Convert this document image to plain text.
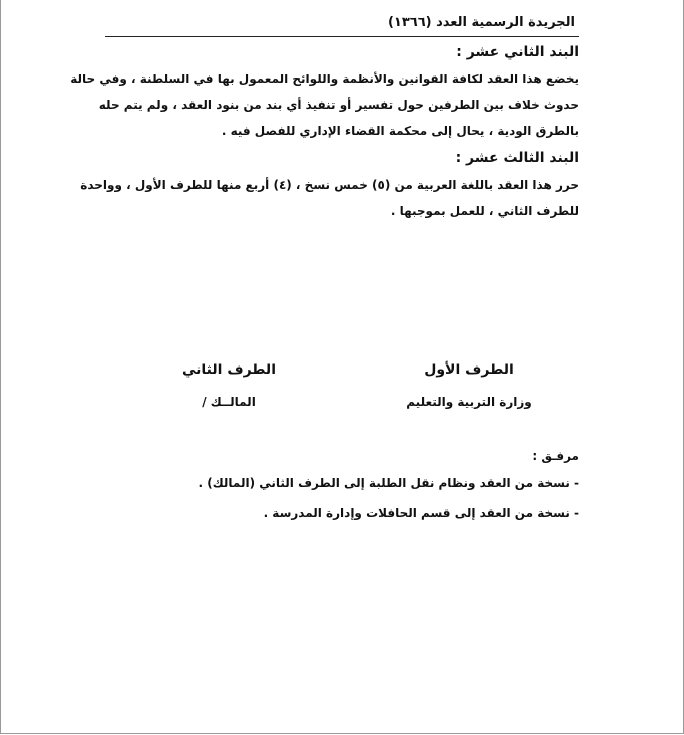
الجريدة الرسمية العدد (١٣٦٦)
البند الثاني عشر :

يخضع هذا العقد لكافة القوانين والأنظمة واللوائح المعمول بها في السلطنة ، وفي حالة
حدوث خلاف بين الطرفين حول تفسير أو تنفيذ أي بند من بنود العقد ، ولم يتم حله
بالطرق الودية ، يحال إلى محكمة القضاء الإداري للفصل فيه .

البند الثالث عشر :

حرر هذا العقد باللغة العربية من (٥) خمس نسخ ، (٤) أربع منها للطرف الأول ، وواحدة
للطرف الثاني ، للعمل بموجبها .

الطرف الأول
وزارة التربية والتعليم
الطرف الثاني
المالــك /
مرفـق :
- نسخة من العقد ونظام نقل الطلبة إلى الطرف الثاني (المالك) .
- نسخة من العقد إلى قسم الحافلات وإدارة المدرسة .
